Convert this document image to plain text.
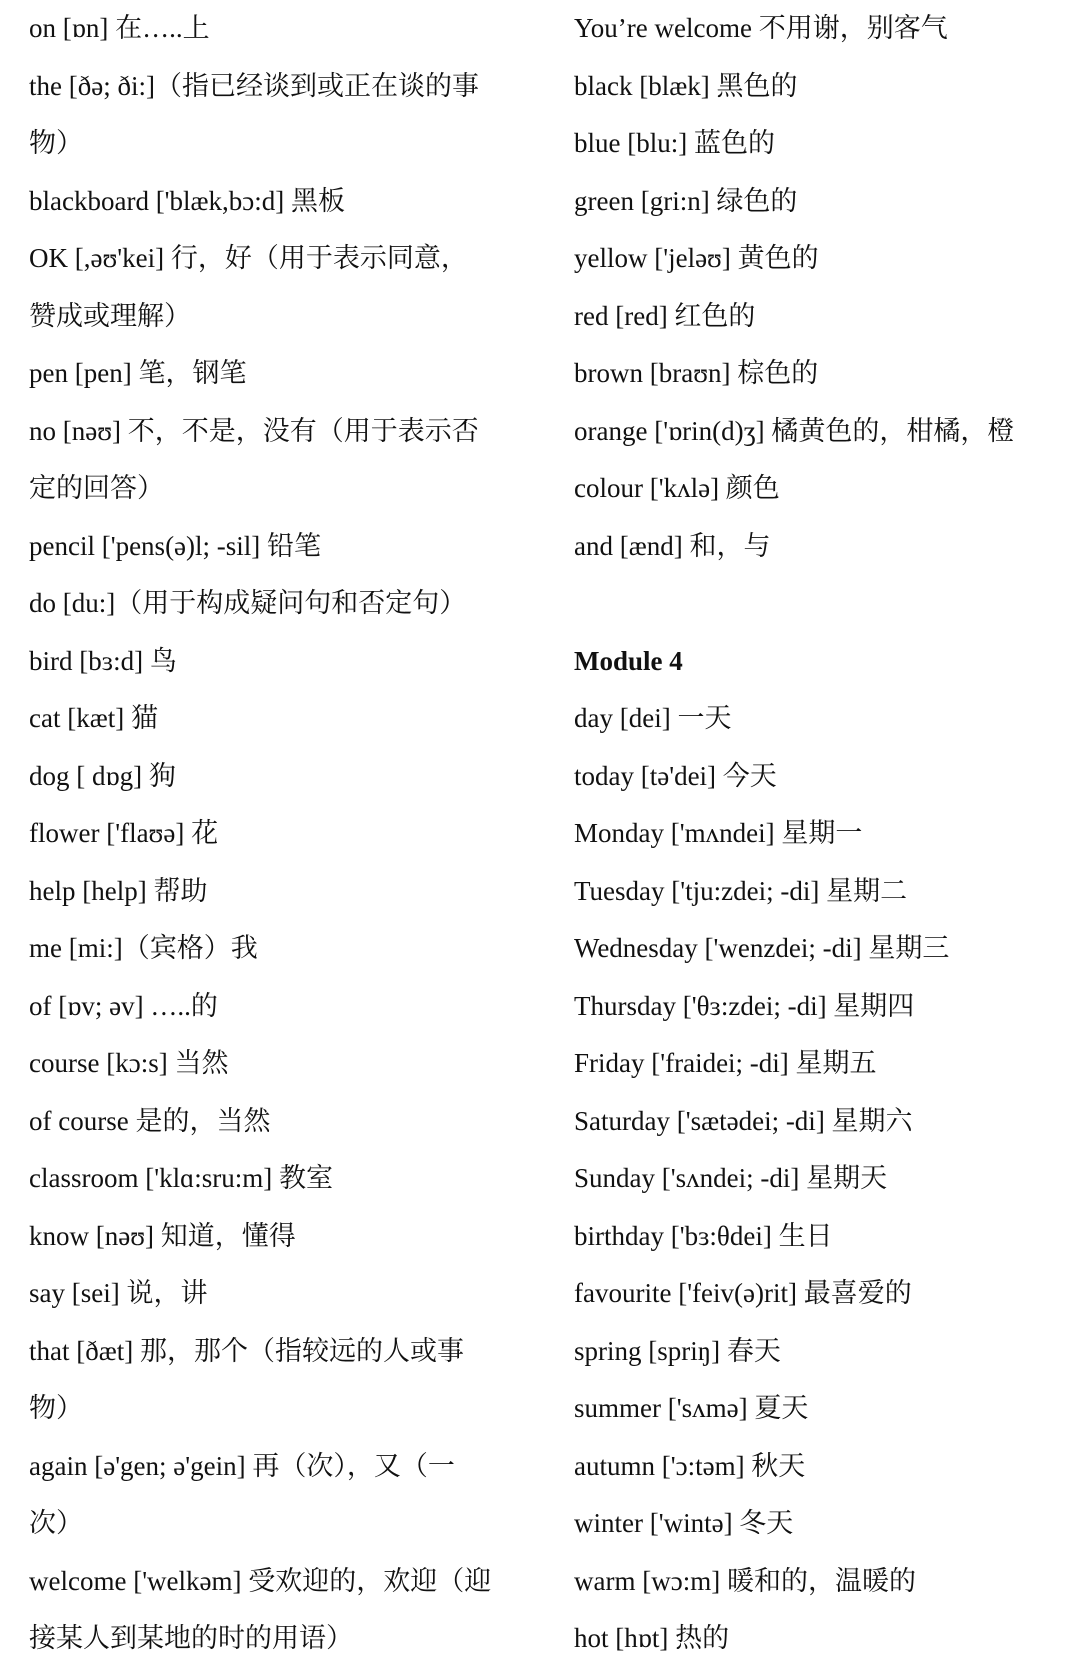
on [ɒn] 在…..上
the [ðə; ði:]（指已经谈到或正在谈的事
物）
blackboard ['blæk,bɔ:d] 黑板
OK [,əʊ'kei] 行，好（用于表示同意，
赞成或理解）
pen [pen] 笔，钢笔
no [nəʊ] 不，不是，没有（用于表示否
定的回答）
pencil ['pens(ə)l; -sil] 铅笔
do [du:]（用于构成疑问句和否定句）
bird [bɜ:d] 鸟
cat [kæt] 猫
dog [ dɒg] 狗
flower ['flaʊə] 花
help [help] 帮助
me [mi:]（宾格）我
of [ɒv; əv] …..的
course [kɔ:s] 当然
of course 是的，当然
classroom ['klɑ:sru:m] 教室
know [nəʊ] 知道，懂得
say [sei] 说，讲
that [ðæt] 那，那个（指较远的人或事
物）
again [ə'gen; ə'gein] 再（次），又（一
次）
welcome ['welkəm] 受欢迎的，欢迎（迎
接某人到某地的时的用语）
You’re welcome 不用谢，别客气
black [blæk] 黑色的
blue [blu:] 蓝色的
green [gri:n] 绿色的
yellow ['jeləʊ] 黄色的
red [red] 红色的
brown [braʊn] 棕色的
orange ['ɒrin(d)ʒ] 橘黄色的，柑橘，橙
colour ['kʌlə] 颜色
and [ænd] 和，与
Module 4
day [dei] 一天
today [tə'dei] 今天
Monday ['mʌndei] 星期一
Tuesday ['tju:zdei; -di] 星期二
Wednesday ['wenzdei; -di] 星期三
Thursday ['θɜ:zdei; -di] 星期四
Friday ['fraidei; -di] 星期五
Saturday ['sætədei; -di] 星期六
Sunday ['sʌndei; -di] 星期天
birthday ['bɜ:θdei] 生日
favourite ['feiv(ə)rit] 最喜爱的
spring [spriŋ] 春天
summer ['sʌmə] 夏天
autumn ['ɔ:təm] 秋天
winter ['wintə] 冬天
warm [wɔ:m] 暖和的，温暖的
hot [hɒt] 热的
